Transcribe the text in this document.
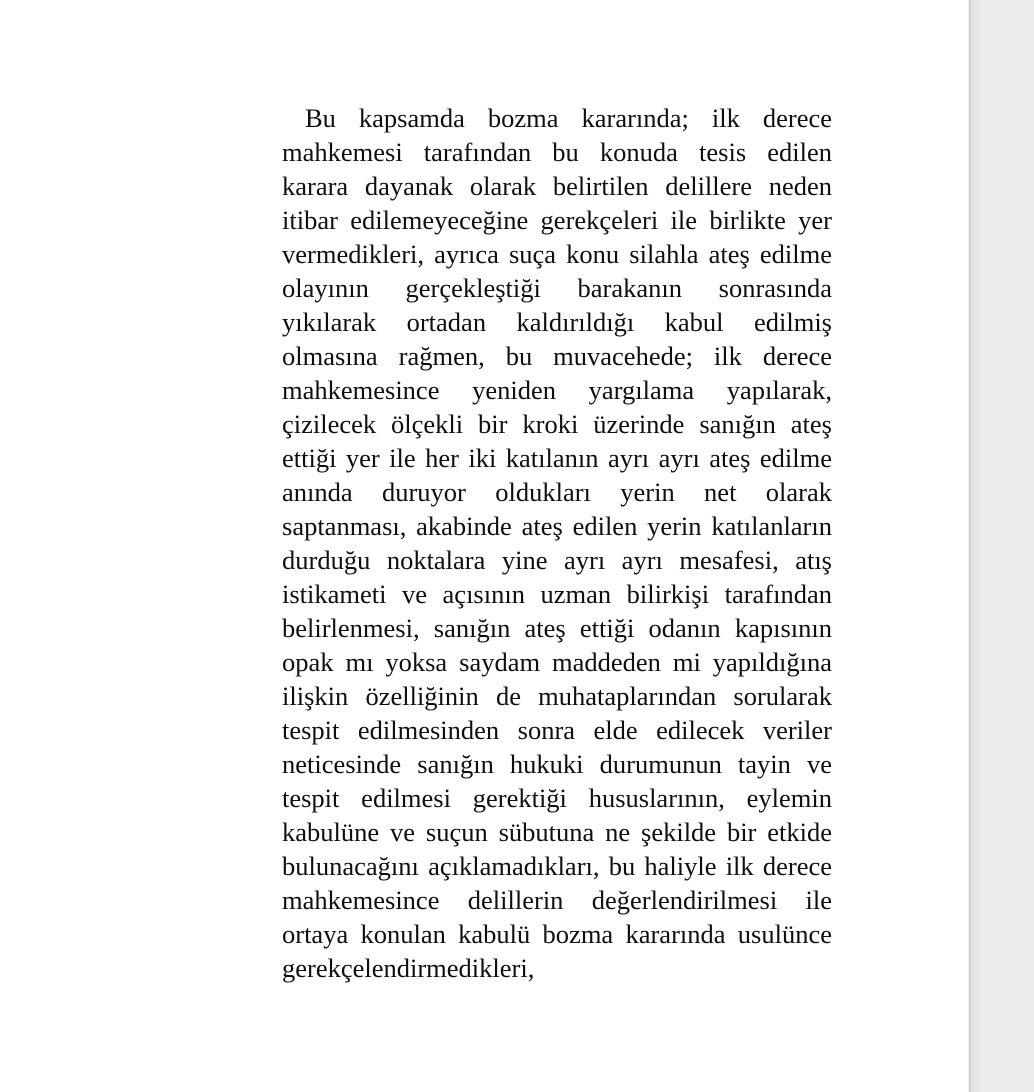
Bu kapsamda bozma kararında; ilk derece mahkemesi tarafından bu konuda tesis edilen karara dayanak olarak belirtilen delillere neden itibar edilemeyeceğine gerekçeleri ile birlikte yer vermedikleri, ayrıca suça konu silahla ateş edilme olayının gerçekleştiği barakanın sonrasında yıkılarak ortadan kaldırıldığı kabul edilmiş olmasına rağmen, bu muvacehede; ilk derece mahkemesince yeniden yargılama yapılarak, çizilecek ölçekli bir kroki üzerinde sanığın ateş ettiği yer ile her iki katılanın ayrı ayrı ateş edilme anında duruyor oldukları yerin net olarak saptanması, akabinde ateş edilen yerin katılanların durduğu noktalara yine ayrı ayrı mesafesi, atış istikameti ve açısının uzman bilirkişi tarafından belirlenmesi, sanığın ateş ettiği odanın kapısının opak mı yoksa saydam maddeden mi yapıldığına ilişkin özelliğinin de muhataplarından sorularak tespit edilmesinden sonra elde edilecek veriler neticesinde sanığın hukuki durumunun tayin ve tespit edilmesi gerektiği hususlarının, eylemin kabulüne ve suçun sübutuna ne şekilde bir etkide bulunacağını açıklamadıkları, bu haliyle ilk derece mahkemesince delillerin değerlendirilmesi ile ortaya konulan kabulü bozma kararında usulünce gerekçelendirmedikleri,
